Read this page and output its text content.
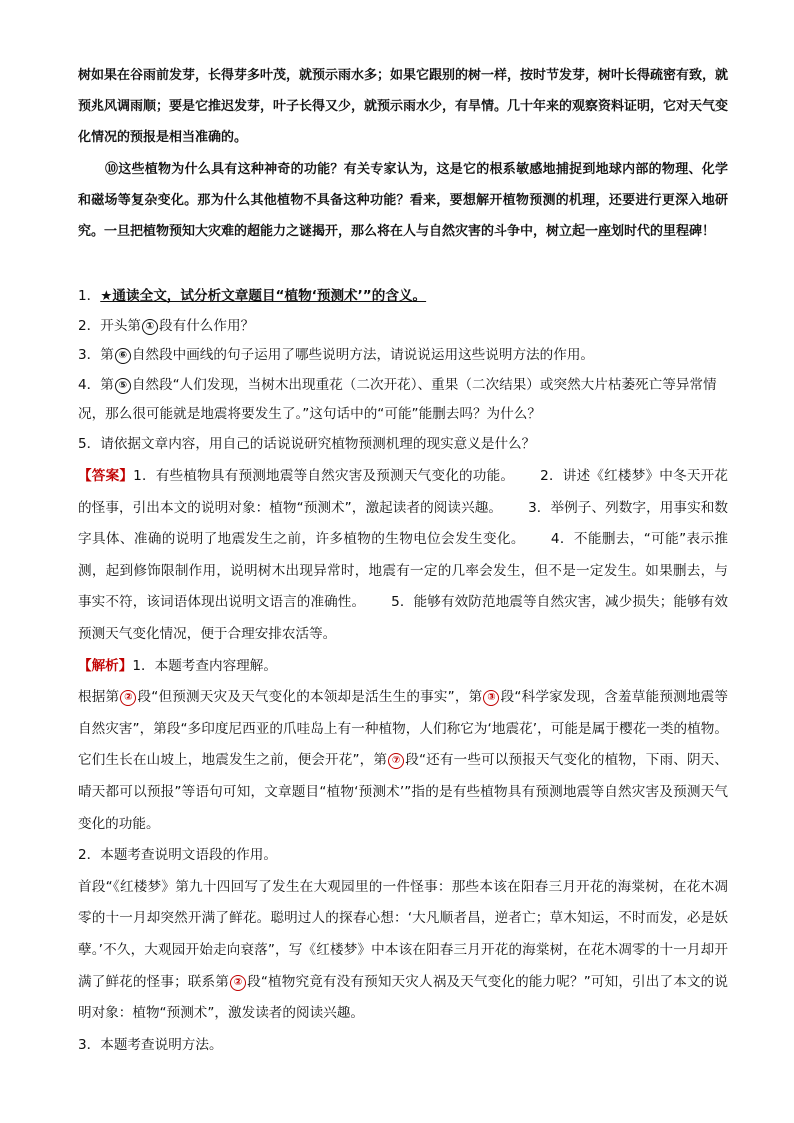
树如果在谷雨前发芽，长得芽多叶茂，就预示雨水多；如果它跟别的树一样，按时节发芽，树叶长得疏密有致，就预兆风调雨顺；要是它推迟发芽，叶子长得又少，就预示雨水少，有旱情。几十年来的观察资料证明，它对天气变化情况的预报是相当准确的。

⑩这些植物为什么具有这种神奇的功能？有关专家认为，这是它的根系敏感地捕捉到地球内部的物理、化学和磁场等复杂变化。那为什么其他植物不具备这种功能？看来，要想解开植物预测的机理，还要进行更深入地研究。一旦把植物预知大灾难的超能力之谜揭开，那么将在人与自然灾害的斗争中，树立起一座划时代的里程碑！

1．★通读全文，试分析文章题目“植物‘预测术’”的含义。

2．开头第 ① 段有什么作用？

3．第 ⑥ 自然段中画线的句子运用了哪些说明方法，请说说运用这些说明方法的作用。

4．第 ⑤ 自然段“人们发现，当树木出现重花（二次开花）、重果（二次结果）或突然大片枯萎死亡等异常情况，那么很可能就是地震将要发生了。”这句话中的“可能”能删去吗？为什么？

5．请依据文章内容，用自己的话说说研究植物预测机理的现实意义是什么？

【答案】1．有些植物具有预测地震等自然灾害及预测天气变化的功能。 2．讲述《红楼梦》中冬天开花的怪事，引出本文的说明对象：植物“预测术”，激起读者的阅读兴趣。 3．举例子、列数字，用事实和数字具体、准确的说明了地震发生之前，许多植物的生物电位会发生变化。 4．不能删去，“可能”表示推测，起到修饰限制作用，说明树木出现异常时，地震有一定的几率会发生，但不是一定发生。如果删去，与事实不符，该词语体现出说明文语言的准确性。 5．能够有效防范地震等自然灾害，减少损失；能够有效预测天气变化情况，便于合理安排农活等。

【解析】1．本题考查内容理解。

根据第 ② 段“但预测天灾及天气变化的本领却是活生生的事实”，第 ③ 段“科学家发现，含羞草能预测地震等自然灾害”，第段“多印度尼西亚的爪哇岛上有一种植物，人们称它为‘地震花’，可能是属于樱花一类的植物。它们生长在山坡上，地震发生之前，便会开花”，第 ⑦ 段“还有一些可以预报天气变化的植物，下雨、阴天、晴天都可以预报”等语句可知，文章题目“植物‘预测术’”指的是有些植物具有预测地震等自然灾害及预测天气变化的功能。

2．本题考查说明文语段的作用。

首段“《红楼梦》第九十四回写了发生在大观园里的一件怪事：那些本该在阳春三月开花的海棠树，在花木凋零的十一月却突然开满了鲜花。聪明过人的探春心想：‘大凡顺者昌，逆者亡；草木知运，不时而发，必是妖孽。’不久，大观园开始走向衰落”，写《红楼梦》中本该在阳春三月开花的海棠树，在花木凋零的十一月却开满了鲜花的怪事；联系第 ② 段“植物究竟有没有预知天灾人祸及天气变化的能力呢？”可知，引出了本文的说明对象：植物“预测术”，激发读者的阅读兴趣。

3．本题考查说明方法。
